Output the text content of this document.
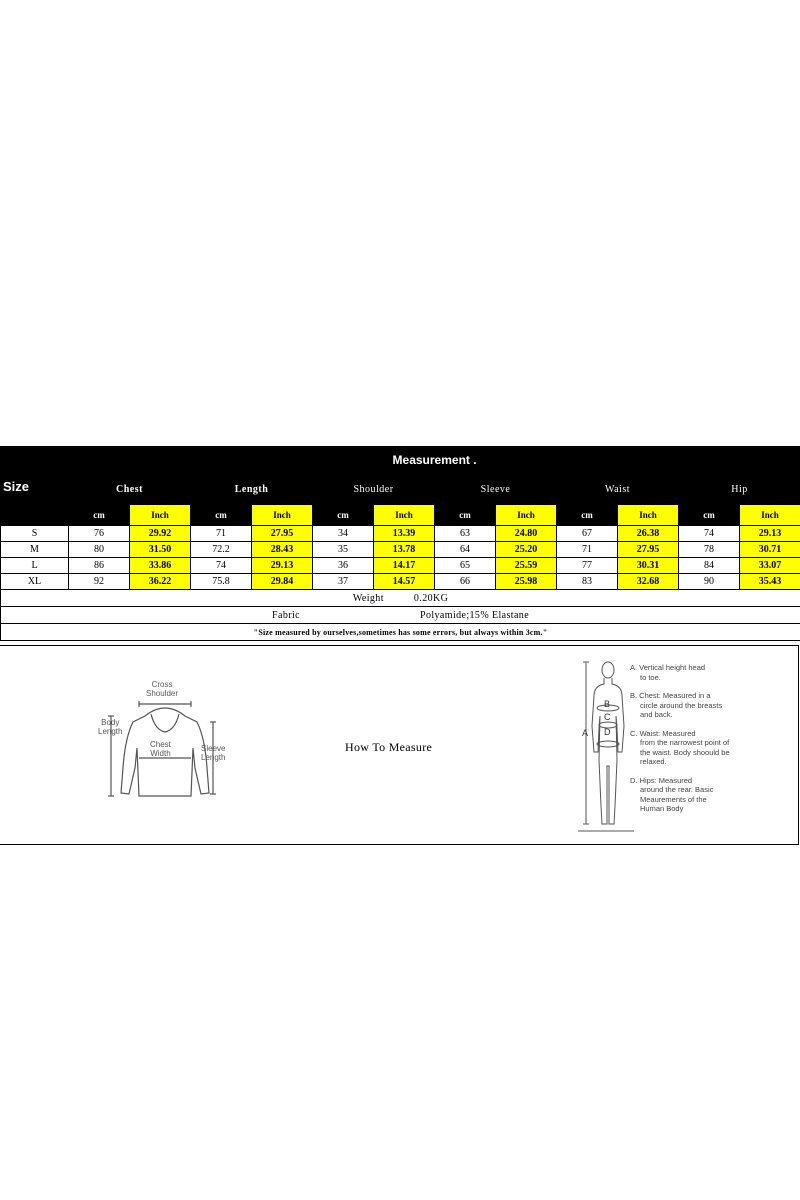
Size	Measurement .											
	Chest		Length		Shoulder		Sleeve		Waist		Hip	
	cm	Inch	cm	Inch	cm	Inch	cm	Inch	cm	Inch	cm	Inch
S	76	29.92	71	27.95	34	13.39	63	24.80	67	26.38	74	29.13
M	80	31.50	72.2	28.43	35	13.78	64	25.20	71	27.95	78	30.71
L	86	33.86	74	29.13	36	14.17	65	25.59	77	30.31	84	33.07
XL	92	36.22	75.8	29.84	37	14.57	66	25.98	83	32.68	90	35.43
Weight 0.20KG												
Fabric Polyamide;15% Elastane												
"Size measured by ourselves,sometimes has some errors, but always within 3cm."												
Cross
Shoulder
Body
Length
Chest
Width
Sleeve
Length
How To Measure
A
B
C
D
A. Vertical height head
to toe.
B. Chest: Measured in a
circle around the breasts and back.
C. Waist: Measured
from the narrowest point of the waist. Body shoould be relaxed.
D. Hips: Measured
around the rear. Basic Meaurements of the Human Body
